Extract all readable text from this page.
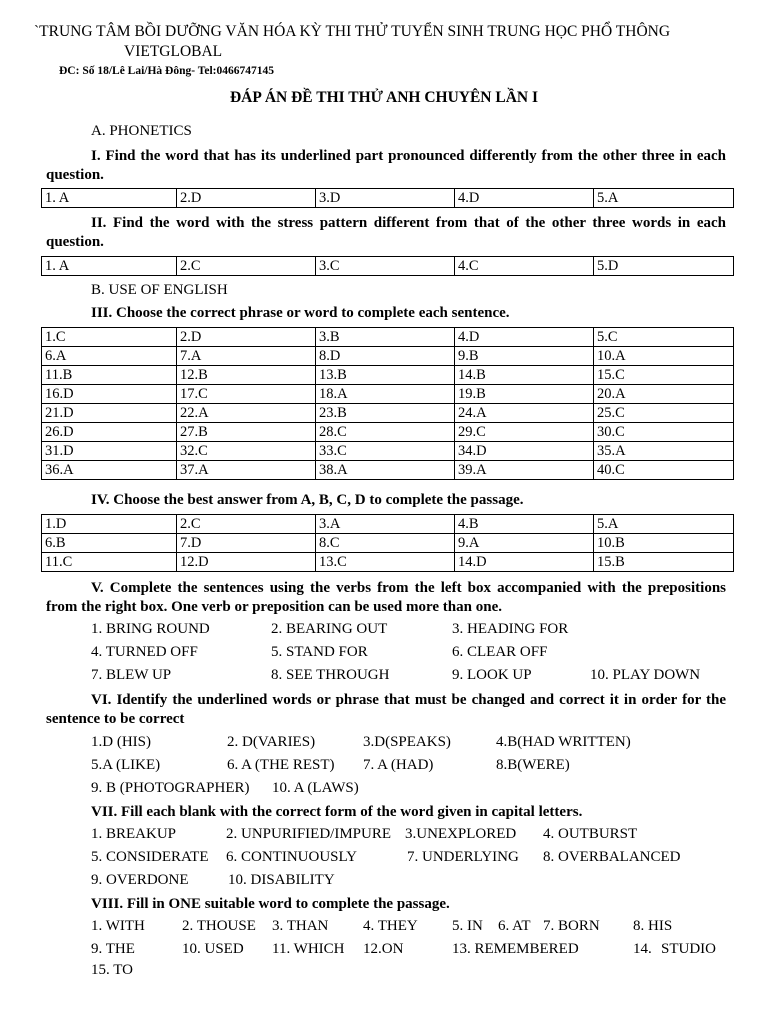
`TRUNG TÂM BỒI DƯỠNG VĂN HÓA KỲ THI THỬ TUYỂN SINH TRUNG HỌC PHỔ THÔNG
VIETGLOBAL
ĐC: Số 18/Lê Lai/Hà Đông- Tel:0466747145
ĐÁP ÁN ĐỀ THI THỬ ANH CHUYÊN LẦN I
A. PHONETICS
I. Find the word that has its underlined part pronounced differently from the other three in each question.
1. A	2.D	3.D	4.D	5.A
II. Find the word with the stress pattern different from that of the other three words in each question.
1. A	2.C	3.C	4.C	5.D
B. USE OF ENGLISH
III. Choose the correct phrase or word to complete each sentence.
1.C	2.D	3.B	4.D	5.C
6.A	7.A	8.D	9.B	10.A
11.B	12.B	13.B	14.B	15.C
16.D	17.C	18.A	19.B	20.A
21.D	22.A	23.B	24.A	25.C
26.D	27.B	28.C	29.C	30.C
31.D	32.C	33.C	34.D	35.A
36.A	37.A	38.A	39.A	40.C
IV. Choose the best answer from A, B, C, D to complete the passage.
1.D	2.C	3.A	4.B	5.A
6.B	7.D	8.C	9.A	10.B
11.C	12.D	13.C	14.D	15.B
V. Complete the sentences using the verbs from the left box accompanied with the prepositions from the right box. One verb or preposition can be used more than one.
1. BRING ROUND	2. BEARING OUT	3. HEADING FOR
4. TURNED OFF	5. STAND FOR	6. CLEAR OFF
7. BLEW UP	8. SEE THROUGH	9. LOOK UP	10. PLAY DOWN
VI. Identify the underlined words or phrase that must be changed and correct it in order for the sentence to be correct
1.D (HIS)	2. D(VARIES)	3.D(SPEAKS)	4.B(HAD WRITTEN)
5.A (LIKE)	6. A (THE REST) 7. A (HAD)	8.B(WERE)
9. B (PHOTOGRAPHER) 10. A (LAWS)
VII. Fill each blank with the correct form of the word given in capital letters.
1. BREAKUP	2. UNPURIFIED/IMPURE 3.UNEXPLORED 4. OUTBURST
5. CONSIDERATE 6. CONTINUOUSLY	7. UNDERLYING 8. OVERBALANCED
9. OVERDONE	10. DISABILITY
VIII. Fill in ONE suitable word to complete the passage.
1. WITH 2. THOUSE 3. THAN 4. THEY 5. IN 6. AT 7. BORN 8. HIS
9. THE	10. USED 11. WHICH 12.ON	13. REMEMBERED	14. STUDIO
15. TO
